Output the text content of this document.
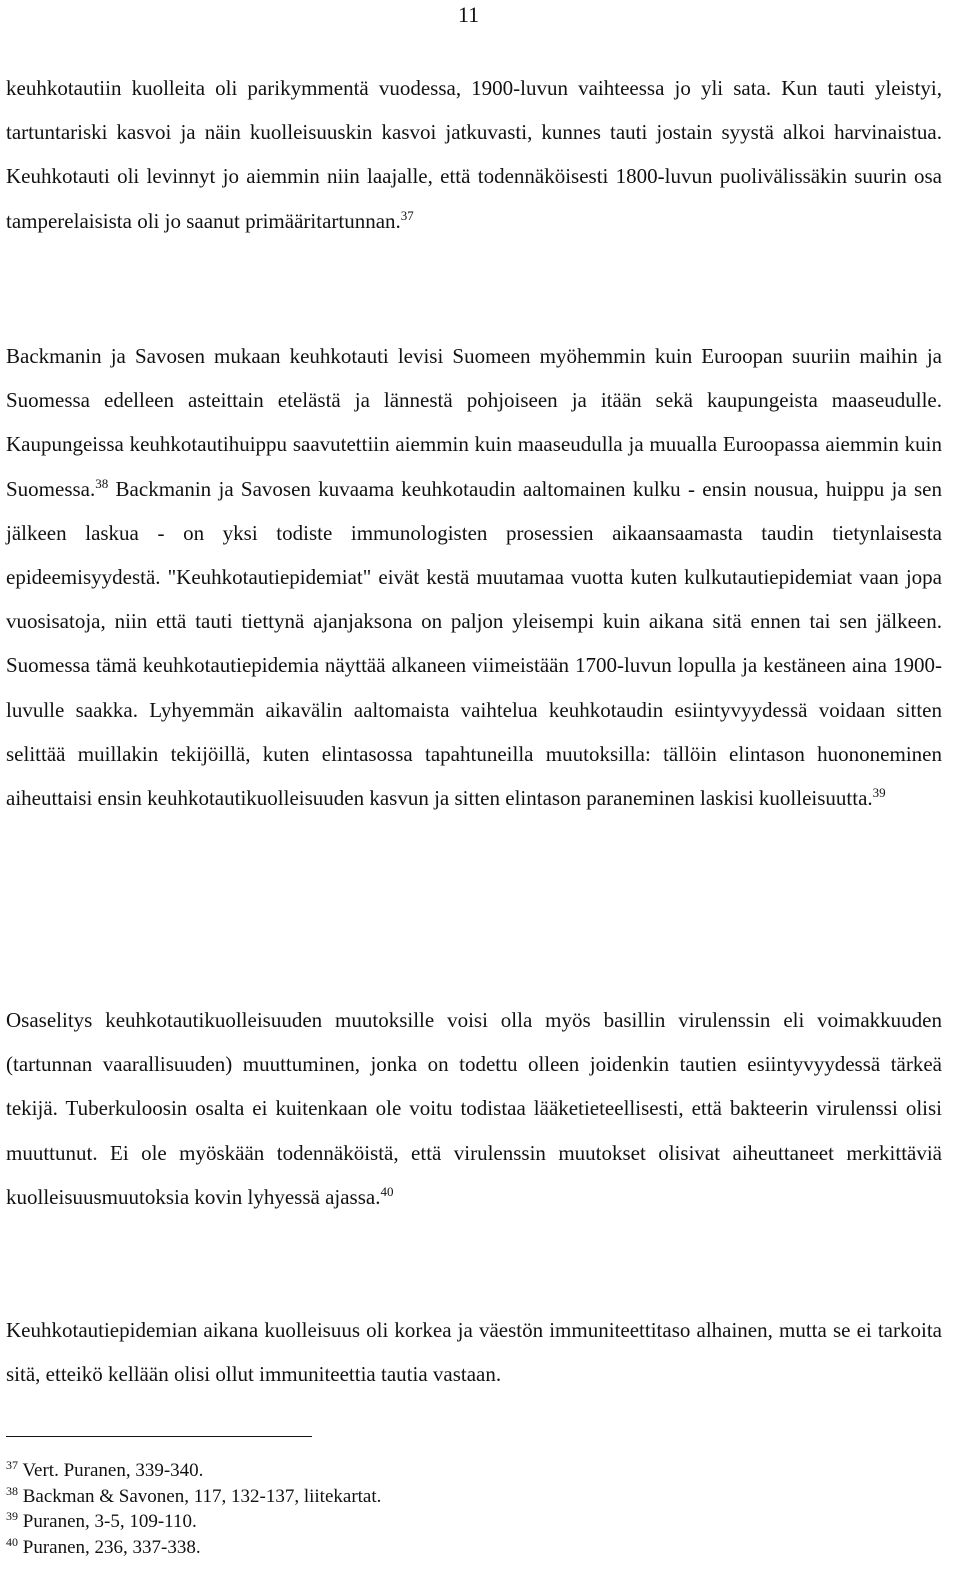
11
keuhkotautiin kuolleita oli parikymmentä vuodessa, 1900-luvun vaihteessa jo yli sata. Kun tauti yleistyi, tartuntariski kasvoi ja näin kuolleisuuskin kasvoi jatkuvasti, kunnes tauti jostain syystä alkoi harvinaistua. Keuhkotauti oli levinnyt jo aiemmin niin laajalle, että todennäköisesti 1800-luvun puolivälissäkin suurin osa tamperelaisista oli jo saanut primääritartunnan.$^{37}$
Backmanin ja Savosen mukaan keuhkotauti levisi Suomeen myöhemmin kuin Euroopan suuriin maihin ja Suomessa edelleen asteittain etelästä ja lännestä pohjoiseen ja itään sekä kaupungeista maaseudulle. Kaupungeissa keuhkotautihuippu saavutettiin aiemmin kuin maaseudulla ja muualla Euroopassa aiemmin kuin Suomessa.$^{38}$ Backmanin ja Savosen kuvaama keuhkotaudin aaltomainen kulku - ensin nousua, huippu ja sen jälkeen laskua - on yksi todiste immunologisten prosessien aikaansaamasta taudin tietynlaisesta epideemisyydestä. "Keuhkotautiepidemiat" eivät kestä muutamaa vuotta kuten kulkutautiepidemiat vaan jopa vuosisatoja, niin että tauti tiettynä ajanjaksona on paljon yleisempi kuin aikana sitä ennen tai sen jälkeen. Suomessa tämä keuhkotautiepidemia näyttää alkaneen viimeistään 1700-luvun lopulla ja kestäneen aina 1900-luvulle saakka. Lyhyemmän aikavälin aaltomaista vaihtelua keuhkotaudin esiintyvyydessä voidaan sitten selittää muillakin tekijöillä, kuten elintasossa tapahtuneilla muutoksilla: tällöin elintason huononeminen aiheuttaisi ensin keuhkotautikuolleisuuden kasvun ja sitten elintason paraneminen laskisi kuolleisuutta.$^{39}$
Osaselitys keuhkotautikuolleisuuden muutoksille voisi olla myös basillin virulenssin eli voimakkuuden (tartunnan vaarallisuuden) muuttuminen, jonka on todettu olleen joidenkin tautien esiintyvyydessä tärkeä tekijä. Tuberkuloosin osalta ei kuitenkaan ole voitu todistaa lääketieteellisesti, että bakteerin virulenssi olisi muuttunut. Ei ole myöskään todennäköistä, että virulenssin muutokset olisivat aiheuttaneet merkittäviä kuolleisuusmuutoksia kovin lyhyessä ajassa.$^{40}$
Keuhkotautiepidemian aikana kuolleisuus oli korkea ja väestön immuniteettitaso alhainen, mutta se ei tarkoita sitä, etteikö kellään olisi ollut immuniteettia tautia vastaan.
$^{37}$ Vert. Puranen, 339-340.
$^{38}$ Backman & Savonen, 117, 132-137, liitekartat.
$^{39}$ Puranen, 3-5, 109-110.
$^{40}$ Puranen, 236, 337-338.
